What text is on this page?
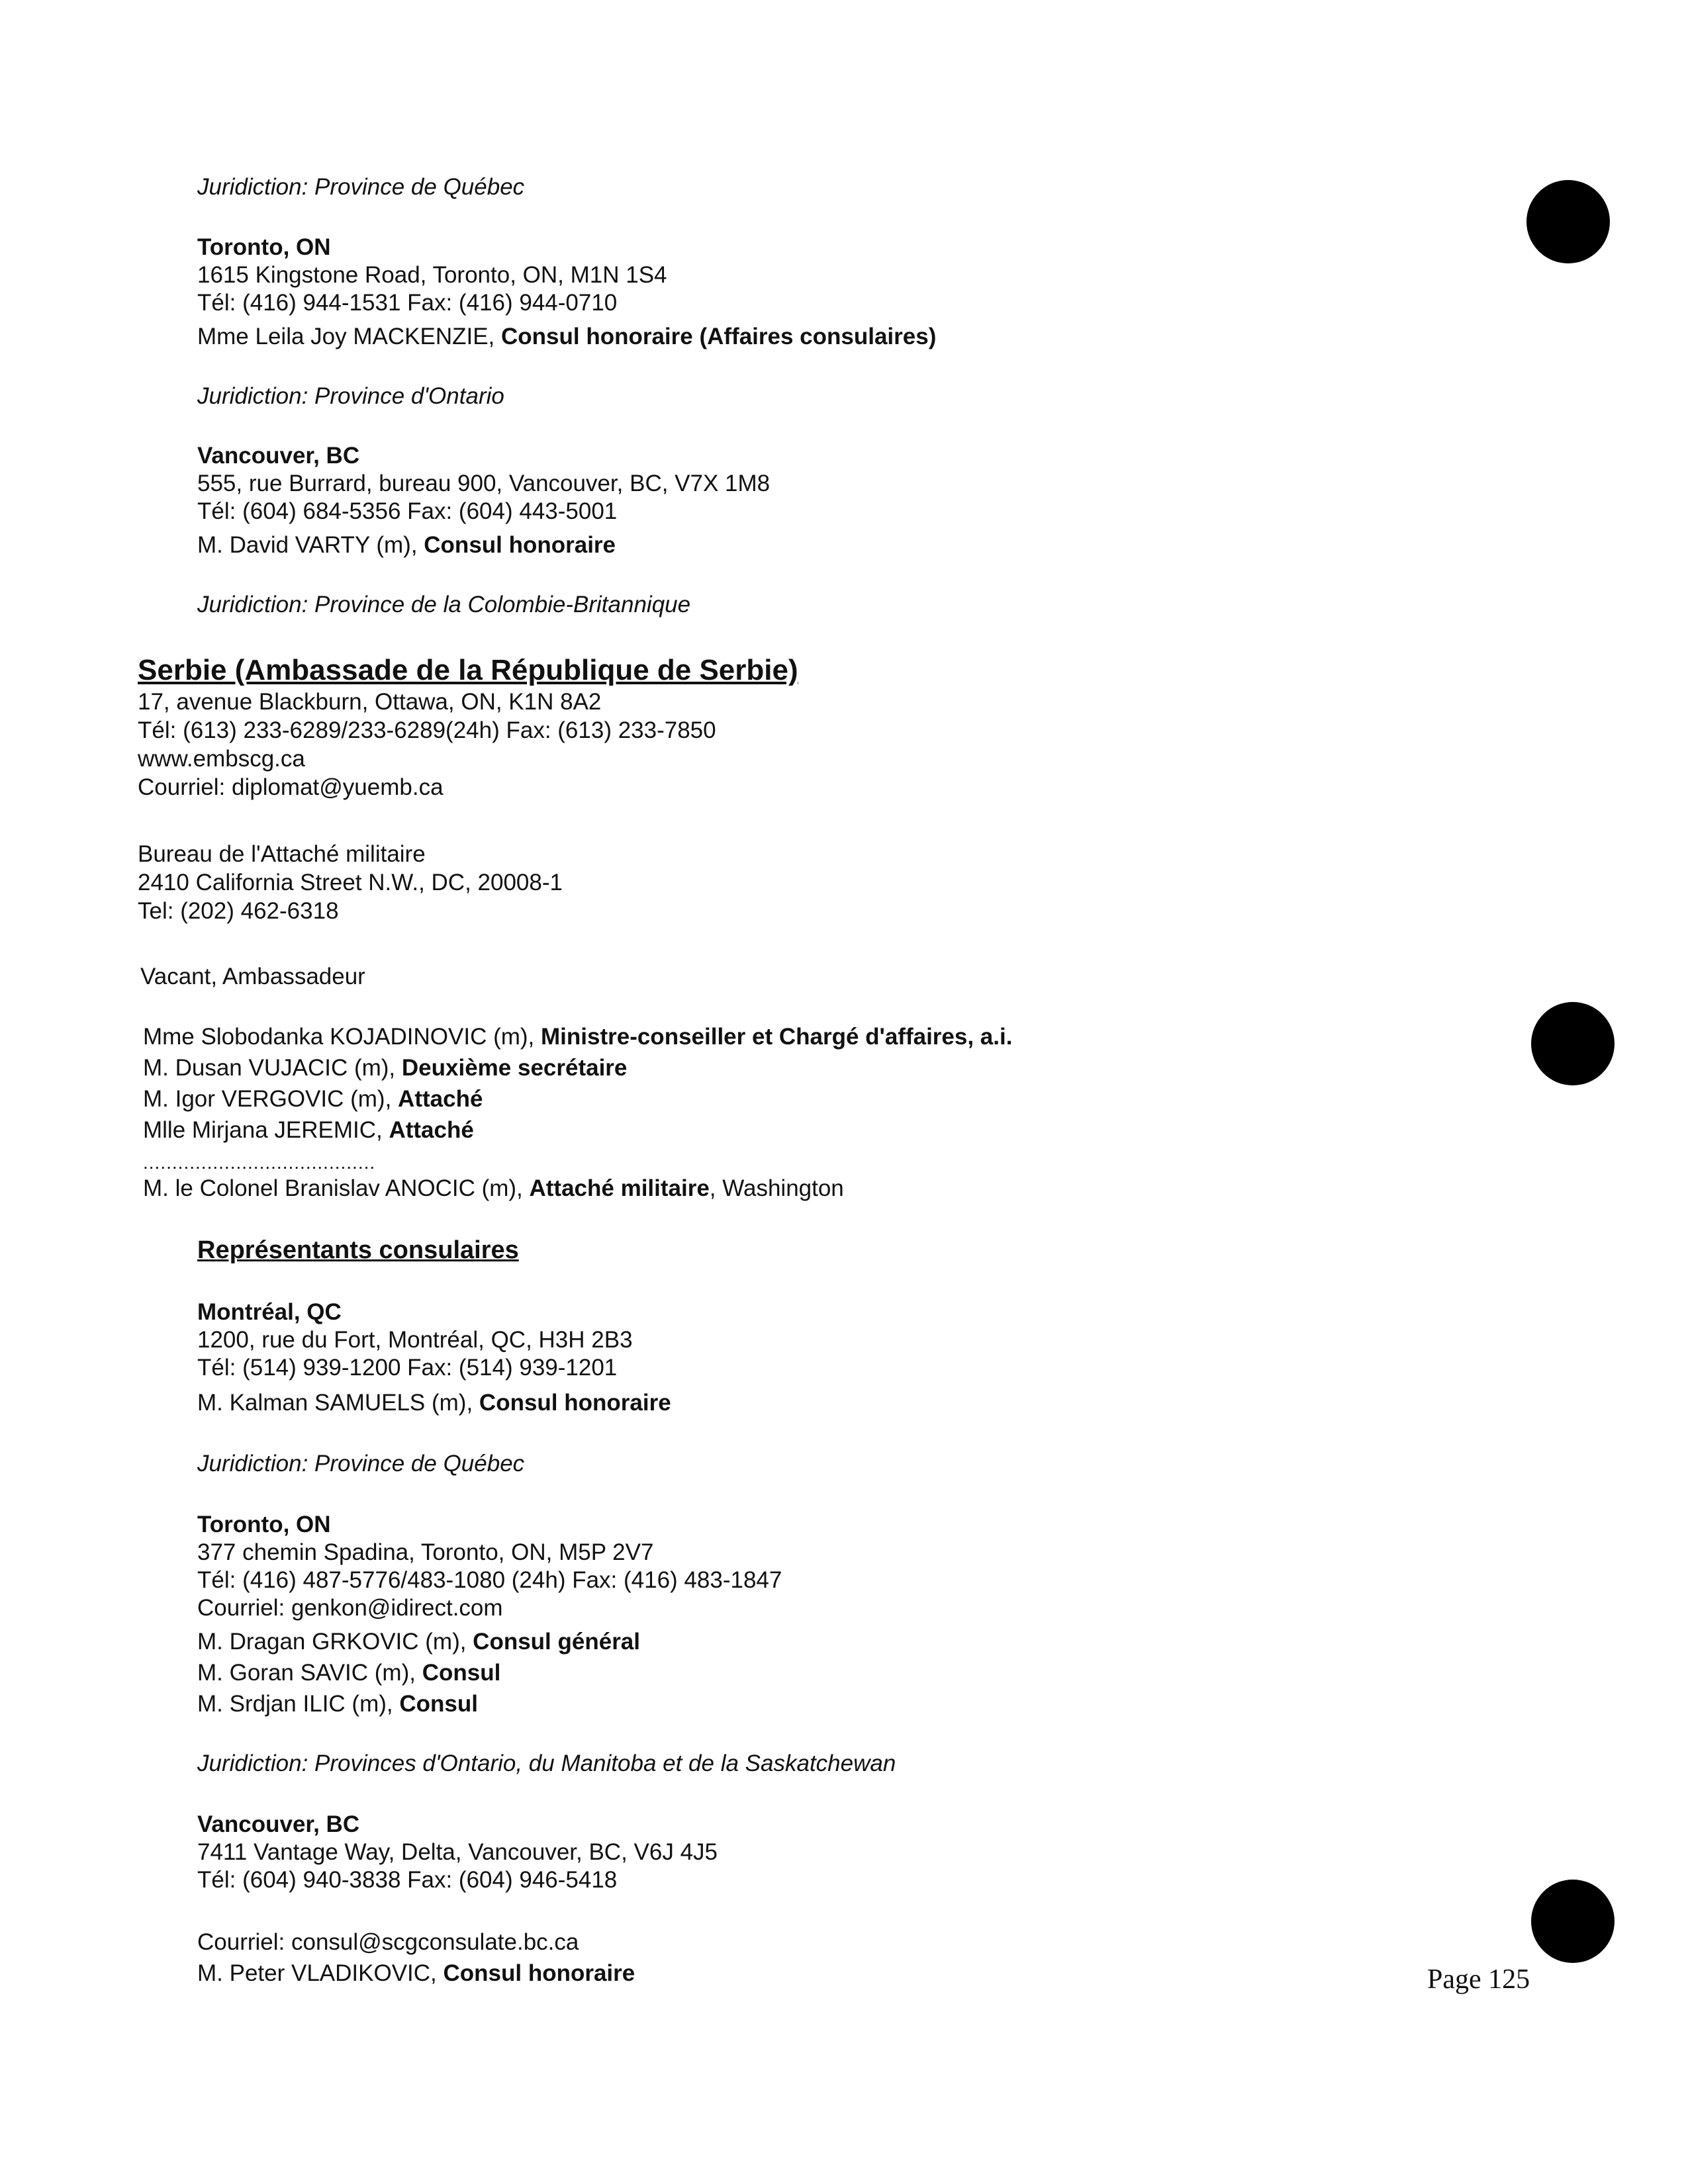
Juridiction: Province de Québec
Toronto, ON
1615 Kingstone Road, Toronto, ON, M1N 1S4
Tél: (416) 944-1531 Fax: (416) 944-0710
Mme Leila Joy MACKENZIE, Consul honoraire (Affaires consulaires)
Juridiction: Province d'Ontario
Vancouver, BC
555, rue Burrard, bureau 900, Vancouver, BC, V7X 1M8
Tél: (604) 684-5356 Fax: (604) 443-5001
M. David VARTY (m), Consul honoraire
Juridiction: Province de la Colombie-Britannique
Serbie (Ambassade de la République de Serbie)
17, avenue Blackburn, Ottawa, ON, K1N 8A2
Tél: (613) 233-6289/233-6289(24h) Fax: (613) 233-7850
www.embscg.ca
Courriel: diplomat@yuemb.ca
Bureau de l'Attaché militaire
2410 California Street N.W., DC, 20008-1
Tel: (202) 462-6318
Vacant, Ambassadeur
Mme Slobodanka KOJADINOVIC (m), Ministre-conseiller et Chargé d'affaires, a.i.
M. Dusan VUJACIC (m), Deuxième secrétaire
M. Igor VERGOVIC (m), Attaché
Mlle Mirjana JEREMIC, Attaché
........................................
M. le Colonel Branislav ANOCIC (m), Attaché militaire, Washington
Représentants consulaires
Montréal, QC
1200, rue du Fort, Montréal, QC, H3H 2B3
Tél: (514) 939-1200 Fax: (514) 939-1201
M. Kalman SAMUELS (m), Consul honoraire
Juridiction: Province de Québec
Toronto, ON
377 chemin Spadina, Toronto, ON, M5P 2V7
Tél: (416) 487-5776/483-1080 (24h) Fax: (416) 483-1847
Courriel: genkon@idirect.com
M. Dragan GRKOVIC (m), Consul général
M. Goran SAVIC (m), Consul
M. Srdjan ILIC (m), Consul
Juridiction: Provinces d'Ontario, du Manitoba et de la Saskatchewan
Vancouver, BC
7411 Vantage Way, Delta, Vancouver, BC, V6J 4J5
Tél: (604) 940-3838 Fax: (604) 946-5418
Courriel: consul@scgconsulate.bc.ca
M. Peter VLADIKOVIC, Consul honoraire	Page 125
